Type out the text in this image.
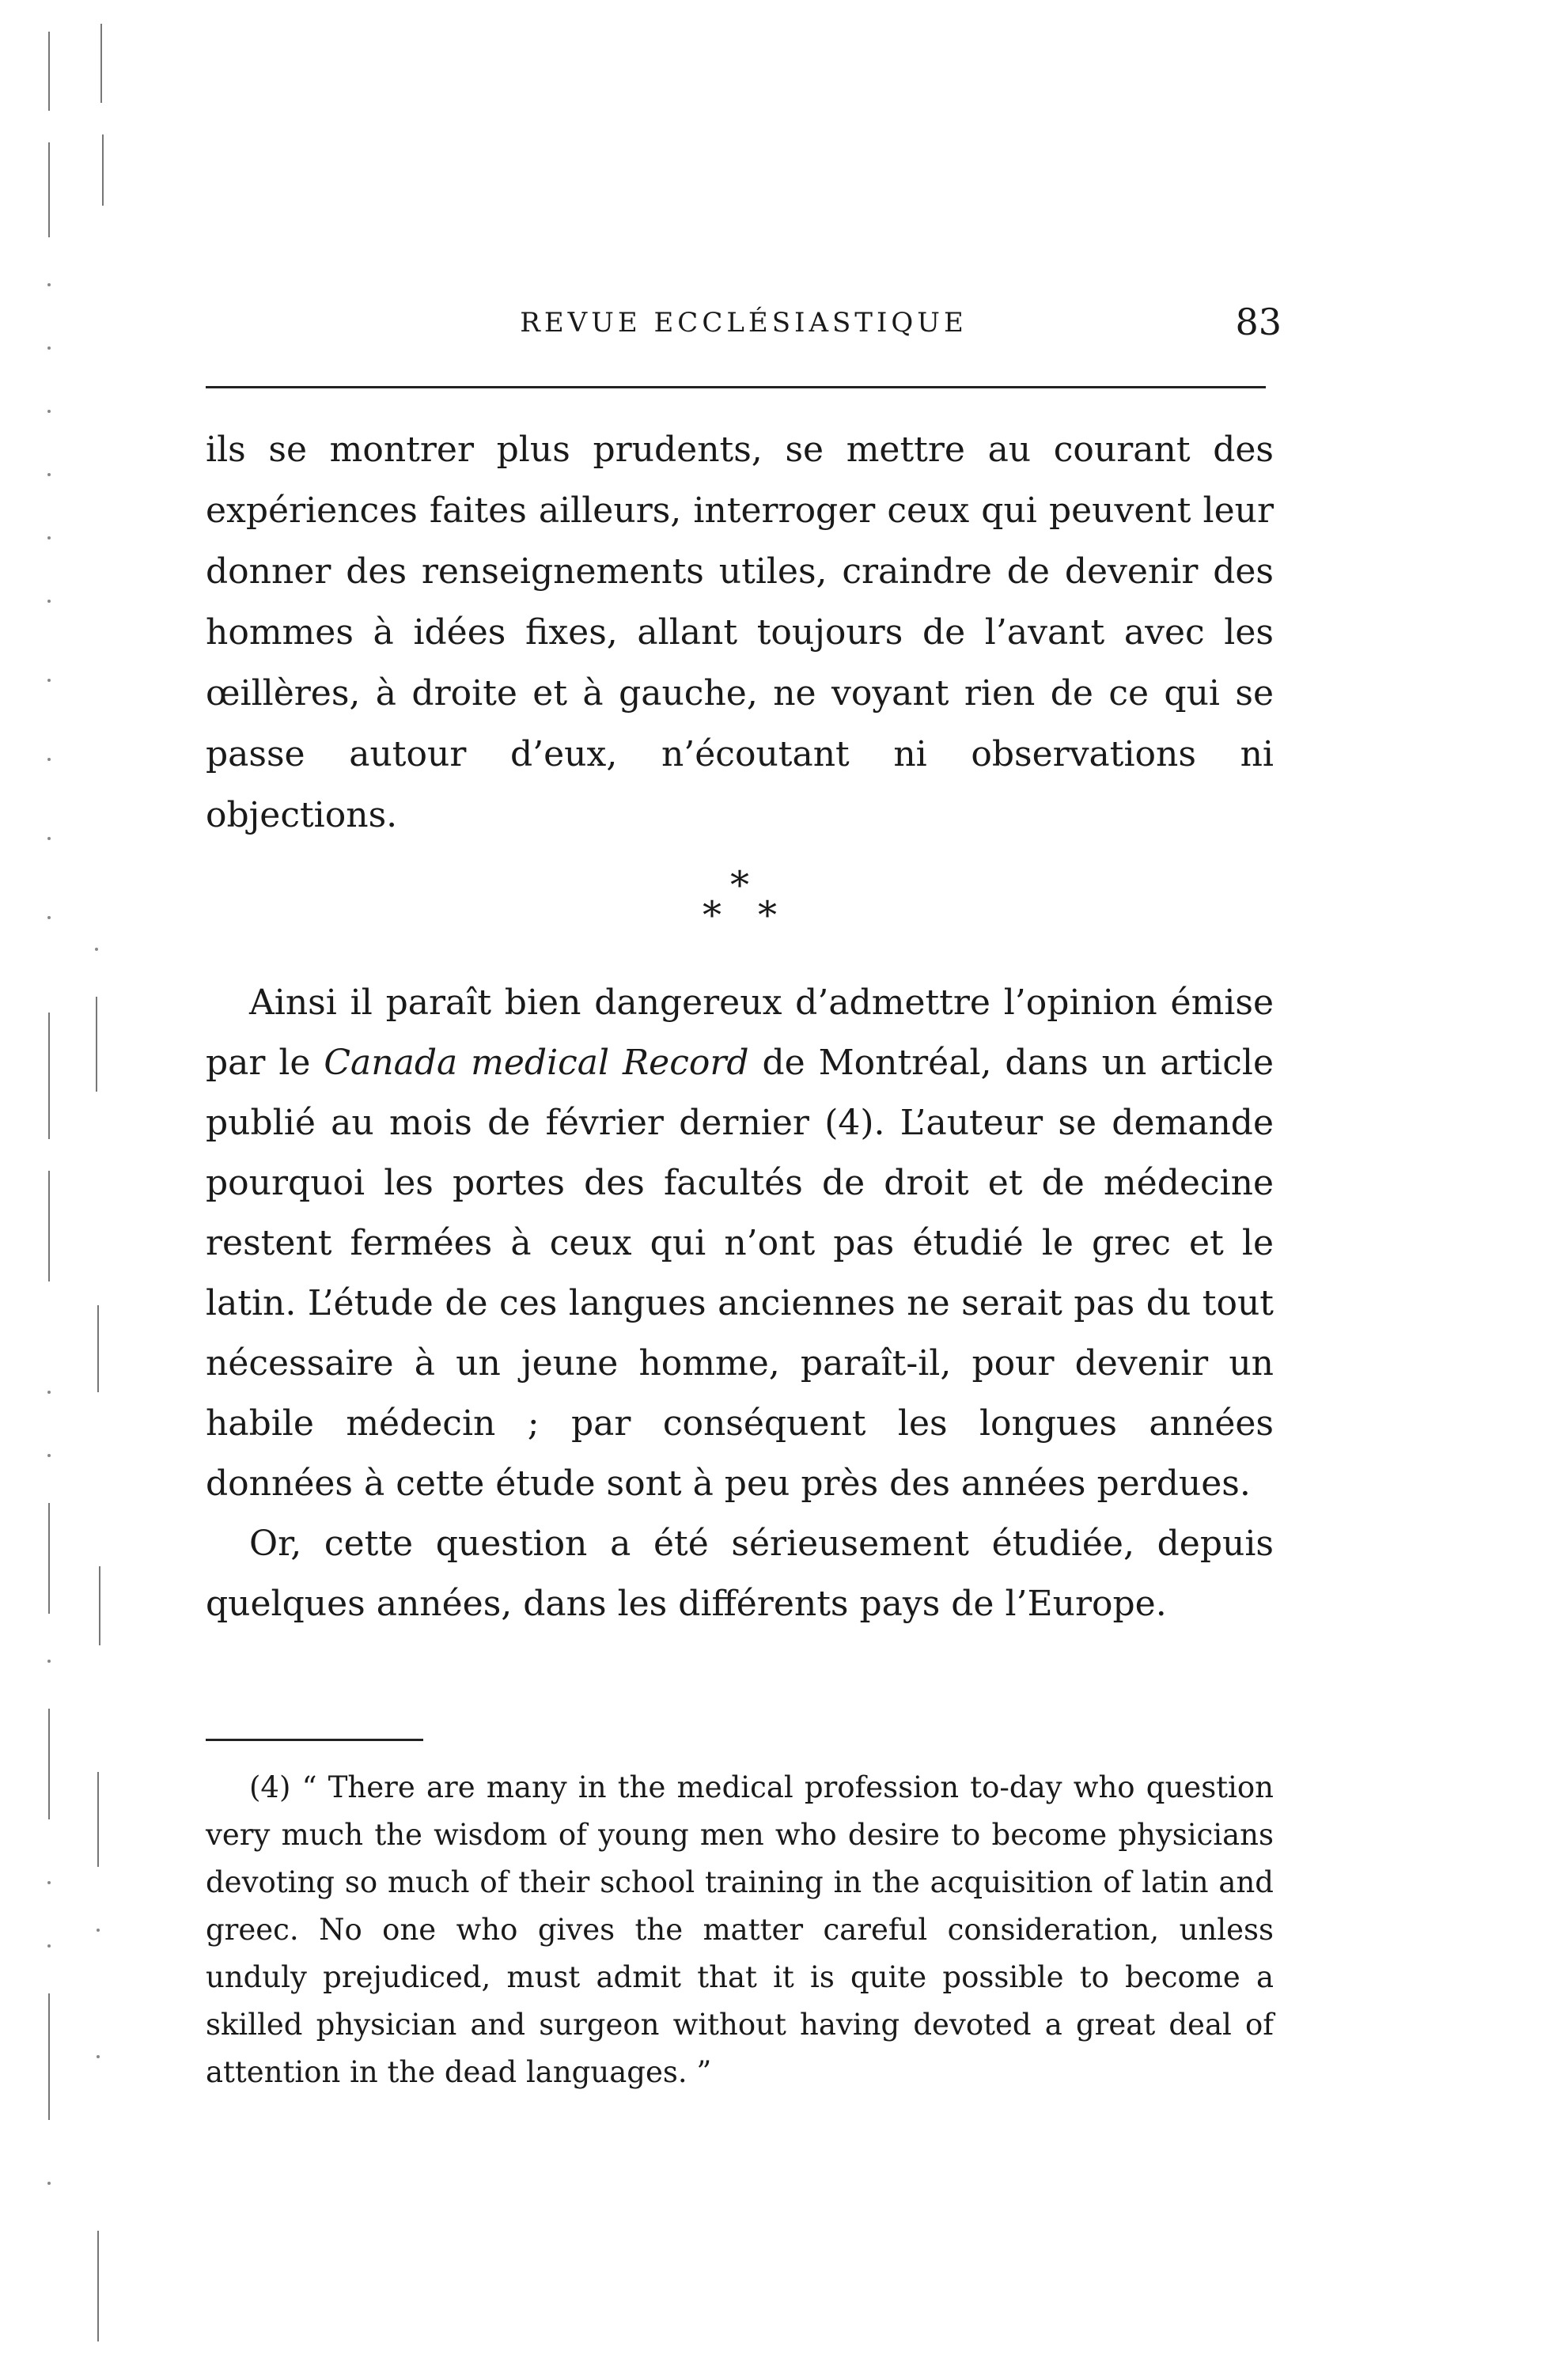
REVUE ECCLÉSIASTIQUE	83

ils se montrer plus prudents, se mettre au courant des expériences faites ailleurs, interroger ceux qui peuvent leur donner des renseignements utiles, craindre de devenir des hommes à idées fixes, allant toujours de l’avant avec les œillères, à droite et à gauche, ne voyant rien de ce qui se passe autour d’eux, n’écoutant ni observations ni objections.

*
* *

Ainsi il paraît bien dangereux d’admettre l’opinion émise par le Canada medical Record de Montréal, dans un article publié au mois de février dernier (4). L’auteur se demande pourquoi les portes des facultés de droit et de médecine restent fermées à ceux qui n’ont pas étudié le grec et le latin. L’étude de ces langues anciennes ne serait pas du tout nécessaire à un jeune homme, paraît-il, pour devenir un habile médecin ; par conséquent les longues années données à cette étude sont à peu près des années perdues.

Or, cette question a été sérieusement étudiée, depuis quelques années, dans les différents pays de l’Europe.

(4) “ There are many in the medical profession to-day who question very much the wisdom of young men who desire to become physicians devoting so much of their school training in the acquisition of latin and greec. No one who gives the matter careful consideration, unless unduly prejudiced, must admit that it is quite possible to become a skilled physician and surgeon without having devoted a great deal of attention in the dead languages. ”
